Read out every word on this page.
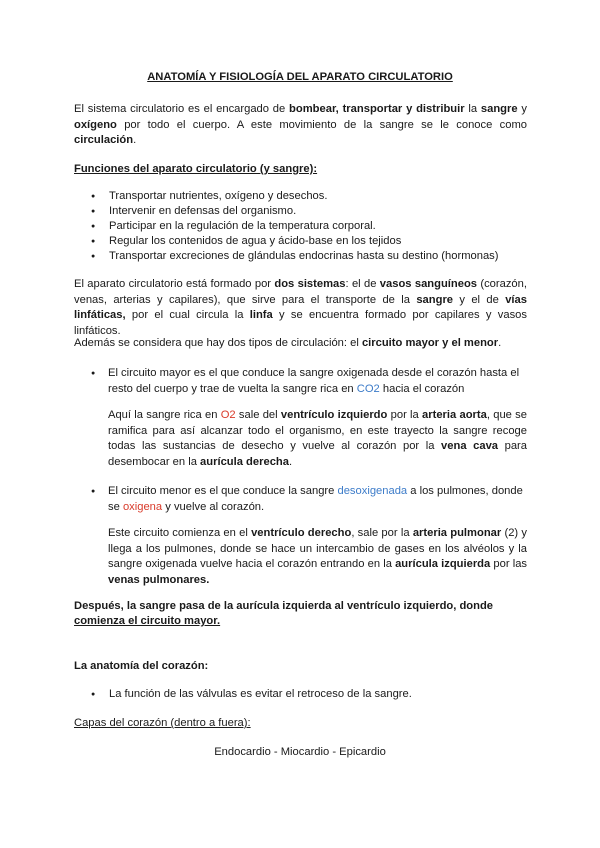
ANATOMÍA Y FISIOLOGÍA DEL APARATO CIRCULATORIO
El sistema circulatorio es el encargado de bombear, transportar y distribuir la sangre y oxígeno por todo el cuerpo. A este movimiento de la sangre se le conoce como circulación.
Funciones del aparato circulatorio (y sangre):
● Transportar nutrientes, oxígeno y desechos.
● Intervenir en defensas del organismo.
● Participar en la regulación de la temperatura corporal.
● Regular los contenidos de agua y ácido-base en los tejidos
● Transportar excreciones de glándulas endocrinas hasta su destino (hormonas)
El aparato circulatorio está formado por dos sistemas: el de vasos sanguíneos (corazón, venas, arterias y capilares), que sirve para el transporte de la sangre y el de vías linfáticas, por el cual circula la linfa y se encuentra formado por capilares y vasos linfáticos.
Además se considera que hay dos tipos de circulación: el circuito mayor y el menor.
● El circuito mayor es el que conduce la sangre oxigenada desde el corazón hasta el resto del cuerpo y trae de vuelta la sangre rica en CO2 hacia el corazón
Aquí la sangre rica en O2 sale del ventrículo izquierdo por la arteria aorta, que se ramifica para así alcanzar todo el organismo, en este trayecto la sangre recoge todas las sustancias de desecho y vuelve al corazón por la vena cava para desembocar en la aurícula derecha.
● El circuito menor es el que conduce la sangre desoxigenada a los pulmones, donde se oxigena y vuelve al corazón.
Este circuito comienza en el ventrículo derecho, sale por la arteria pulmonar (2) y llega a los pulmones, donde se hace un intercambio de gases en los alvéolos y la sangre oxigenada vuelve hacia el corazón entrando en la aurícula izquierda por las venas pulmonares.
Después, la sangre pasa de la aurícula izquierda al ventrículo izquierdo, donde
comienza el circuito mayor.
La anatomía del corazón:
● La función de las válvulas es evitar el retroceso de la sangre.
Capas del corazón (dentro a fuera):
Endocardio - Miocardio - Epicardio
